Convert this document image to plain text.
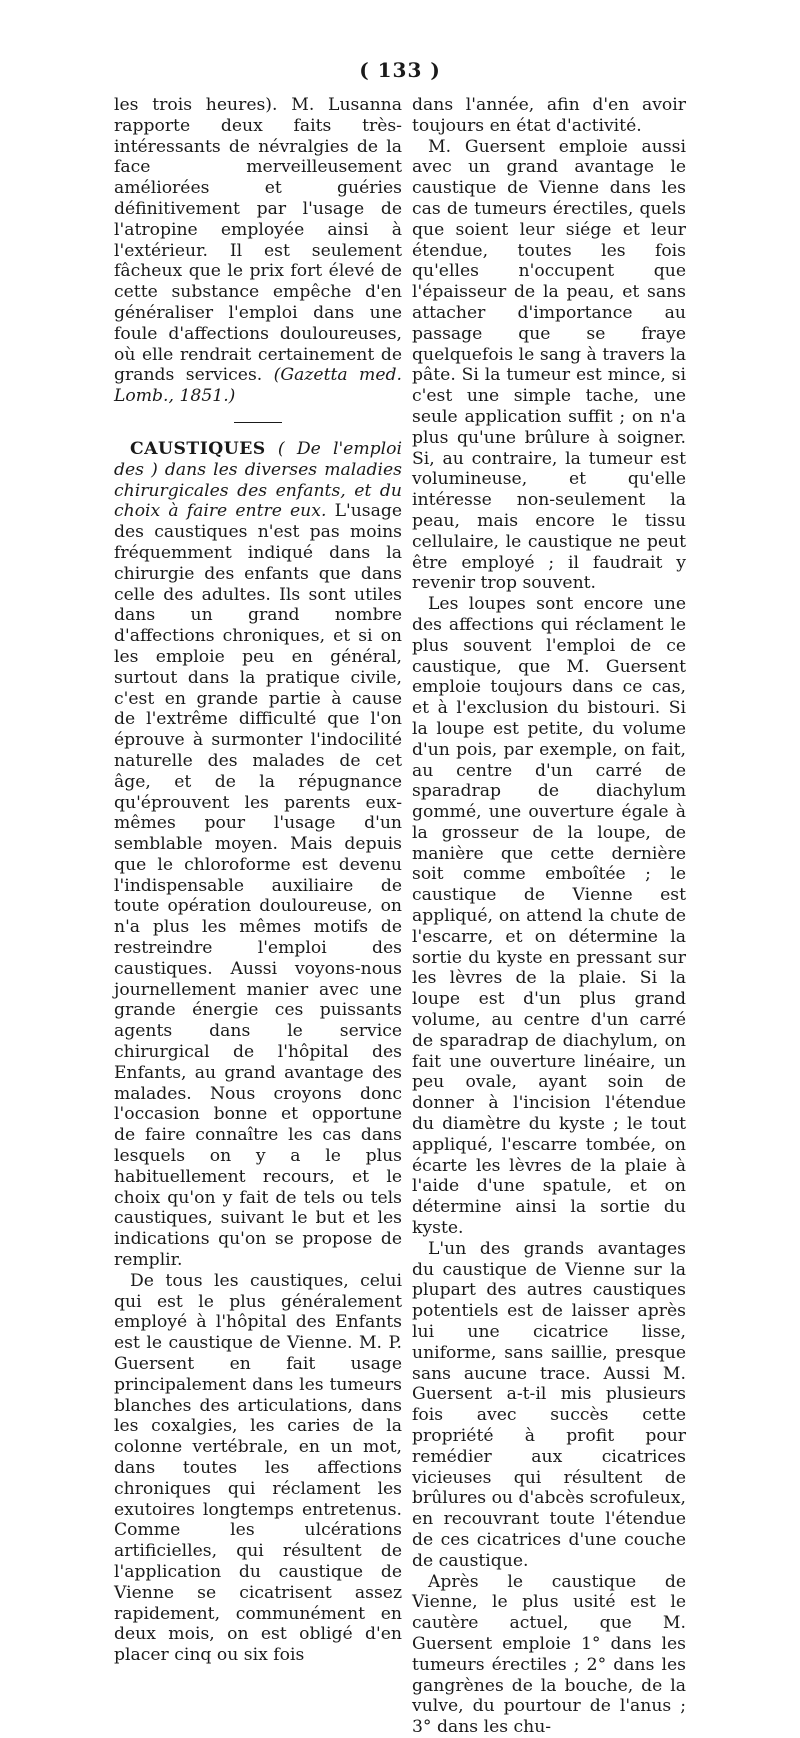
( 133 )

les trois heures). M. Lusanna rapporte deux faits très-intéressants de névralgies de la face merveilleusement améliorées et guéries définitivement par l'usage de l'atropine employée ainsi à l'extérieur. Il est seulement fâcheux que le prix fort élevé de cette substance empêche d'en généraliser l'emploi dans une foule d'affections douloureuses, où elle rendrait certainement de grands services. (Gazetta med. Lomb., 1851.)

CAUSTIQUES ( De l'emploi des ) dans les diverses maladies chirurgicales des enfants, et du choix à faire entre eux. L'usage des caustiques n'est pas moins fréquemment indiqué dans la chirurgie des enfants que dans celle des adultes. Ils sont utiles dans un grand nombre d'affections chroniques, et si on les emploie peu en général, surtout dans la pratique civile, c'est en grande partie à cause de l'extrême difficulté que l'on éprouve à surmonter l'indocilité naturelle des malades de cet âge, et de la répugnance qu'éprouvent les parents eux-mêmes pour l'usage d'un semblable moyen. Mais depuis que le chloroforme est devenu l'indispensable auxiliaire de toute opération douloureuse, on n'a plus les mêmes motifs de restreindre l'emploi des caustiques. Aussi voyons-nous journellement manier avec une grande énergie ces puissants agents dans le service chirurgical de l'hôpital des Enfants, au grand avantage des malades. Nous croyons donc l'occasion bonne et opportune de faire connaître les cas dans lesquels on y a le plus habituellement recours, et le choix qu'on y fait de tels ou tels caustiques, suivant le but et les indications qu'on se propose de remplir.

De tous les caustiques, celui qui est le plus généralement employé à l'hôpital des Enfants est le caustique de Vienne. M. P. Guersent en fait usage principalement dans les tumeurs blanches des articulations, dans les coxalgies, les caries de la colonne vertébrale, en un mot, dans toutes les affections chroniques qui réclament les exutoires longtemps entretenus. Comme les ulcérations artificielles, qui résultent de l'application du caustique de Vienne se cicatrisent assez rapidement, communément en deux mois, on est obligé d'en placer cinq ou six fois

dans l'année, afin d'en avoir toujours en état d'activité.

M. Guersent emploie aussi avec un grand avantage le caustique de Vienne dans les cas de tumeurs érectiles, quels que soient leur siége et leur étendue, toutes les fois qu'elles n'occupent que l'épaisseur de la peau, et sans attacher d'importance au passage que se fraye quelquefois le sang à travers la pâte. Si la tumeur est mince, si c'est une simple tache, une seule application suffit ; on n'a plus qu'une brûlure à soigner. Si, au contraire, la tumeur est volumineuse, et qu'elle intéresse non-seulement la peau, mais encore le tissu cellulaire, le caustique ne peut être employé ; il faudrait y revenir trop souvent.

Les loupes sont encore une des affections qui réclament le plus souvent l'emploi de ce caustique, que M. Guersent emploie toujours dans ce cas, et à l'exclusion du bistouri. Si la loupe est petite, du volume d'un pois, par exemple, on fait, au centre d'un carré de sparadrap de diachylum gommé, une ouverture égale à la grosseur de la loupe, de manière que cette dernière soit comme emboîtée ; le caustique de Vienne est appliqué, on attend la chute de l'escarre, et on détermine la sortie du kyste en pressant sur les lèvres de la plaie. Si la loupe est d'un plus grand volume, au centre d'un carré de sparadrap de diachylum, on fait une ouverture linéaire, un peu ovale, ayant soin de donner à l'incision l'étendue du diamètre du kyste ; le tout appliqué, l'escarre tombée, on écarte les lèvres de la plaie à l'aide d'une spatule, et on détermine ainsi la sortie du kyste.

L'un des grands avantages du caustique de Vienne sur la plupart des autres caustiques potentiels est de laisser après lui une cicatrice lisse, uniforme, sans saillie, presque sans aucune trace. Aussi M. Guersent a-t-il mis plusieurs fois avec succès cette propriété à profit pour remédier aux cicatrices vicieuses qui résultent de brûlures ou d'abcès scrofuleux, en recouvrant toute l'étendue de ces cicatrices d'une couche de caustique.

Après le caustique de Vienne, le plus usité est le cautère actuel, que M. Guersent emploie 1° dans les tumeurs érectiles ; 2° dans les gangrènes de la bouche, de la vulve, du pourtour de l'anus ; 3° dans les chu-
